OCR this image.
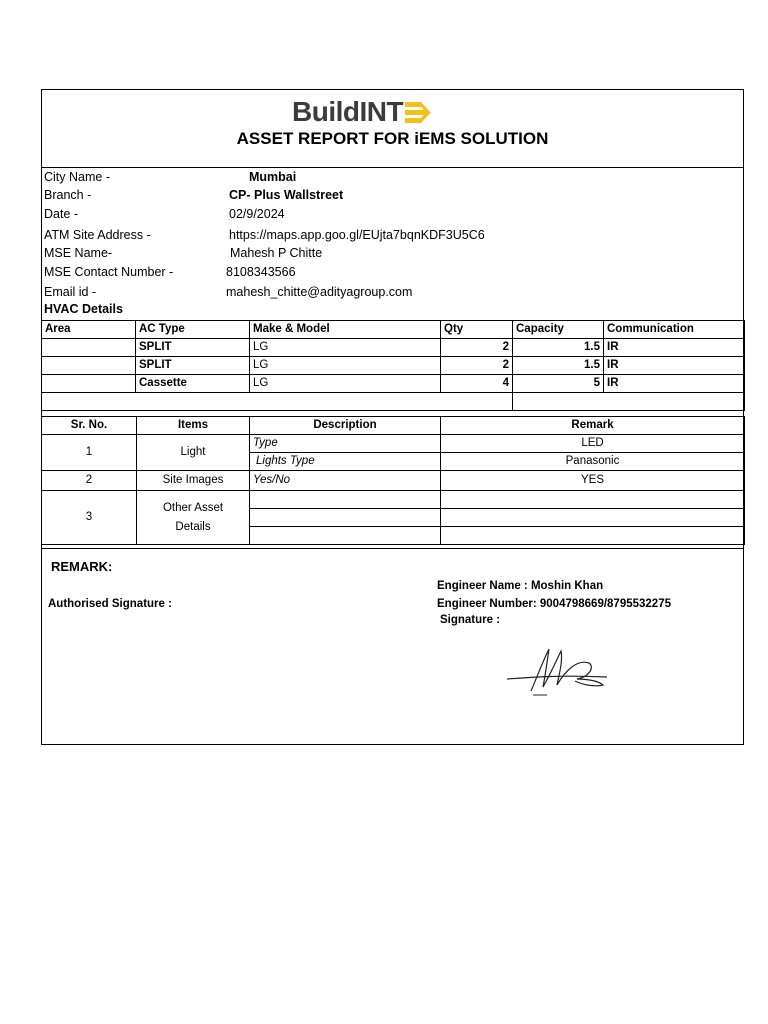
BuildINT
ASSET REPORT FOR iEMS SOLUTION
City Name -	Mumbai
Branch -	CP- Plus Wallstreet
Date -	02/9/2024
ATM Site Address -	https://maps.app.goo.gl/EUjta7bqnKDF3U5C6
MSE Name-	Mahesh P Chitte
MSE Contact Number -	8108343566
Email id -	mahesh_chitte@adityagroup.com
HVAC Details
Area	AC Type	Make & Model	Qty	Capacity	Communication
	SPLIT	LG	2	1.5	IR
	SPLIT	LG	2	1.5	IR
	Cassette	LG	4	5	IR

Sr. No.	Items	Description	Remark
1	Light	Type	LED
		Lights Type	Panasonic
2	Site Images	Yes/No	YES
3	Other Asset Details		

REMARK:
Authorised Signature :
Engineer Name : Moshin Khan
Engineer Number: 9004798669/8795532275
Signature :
